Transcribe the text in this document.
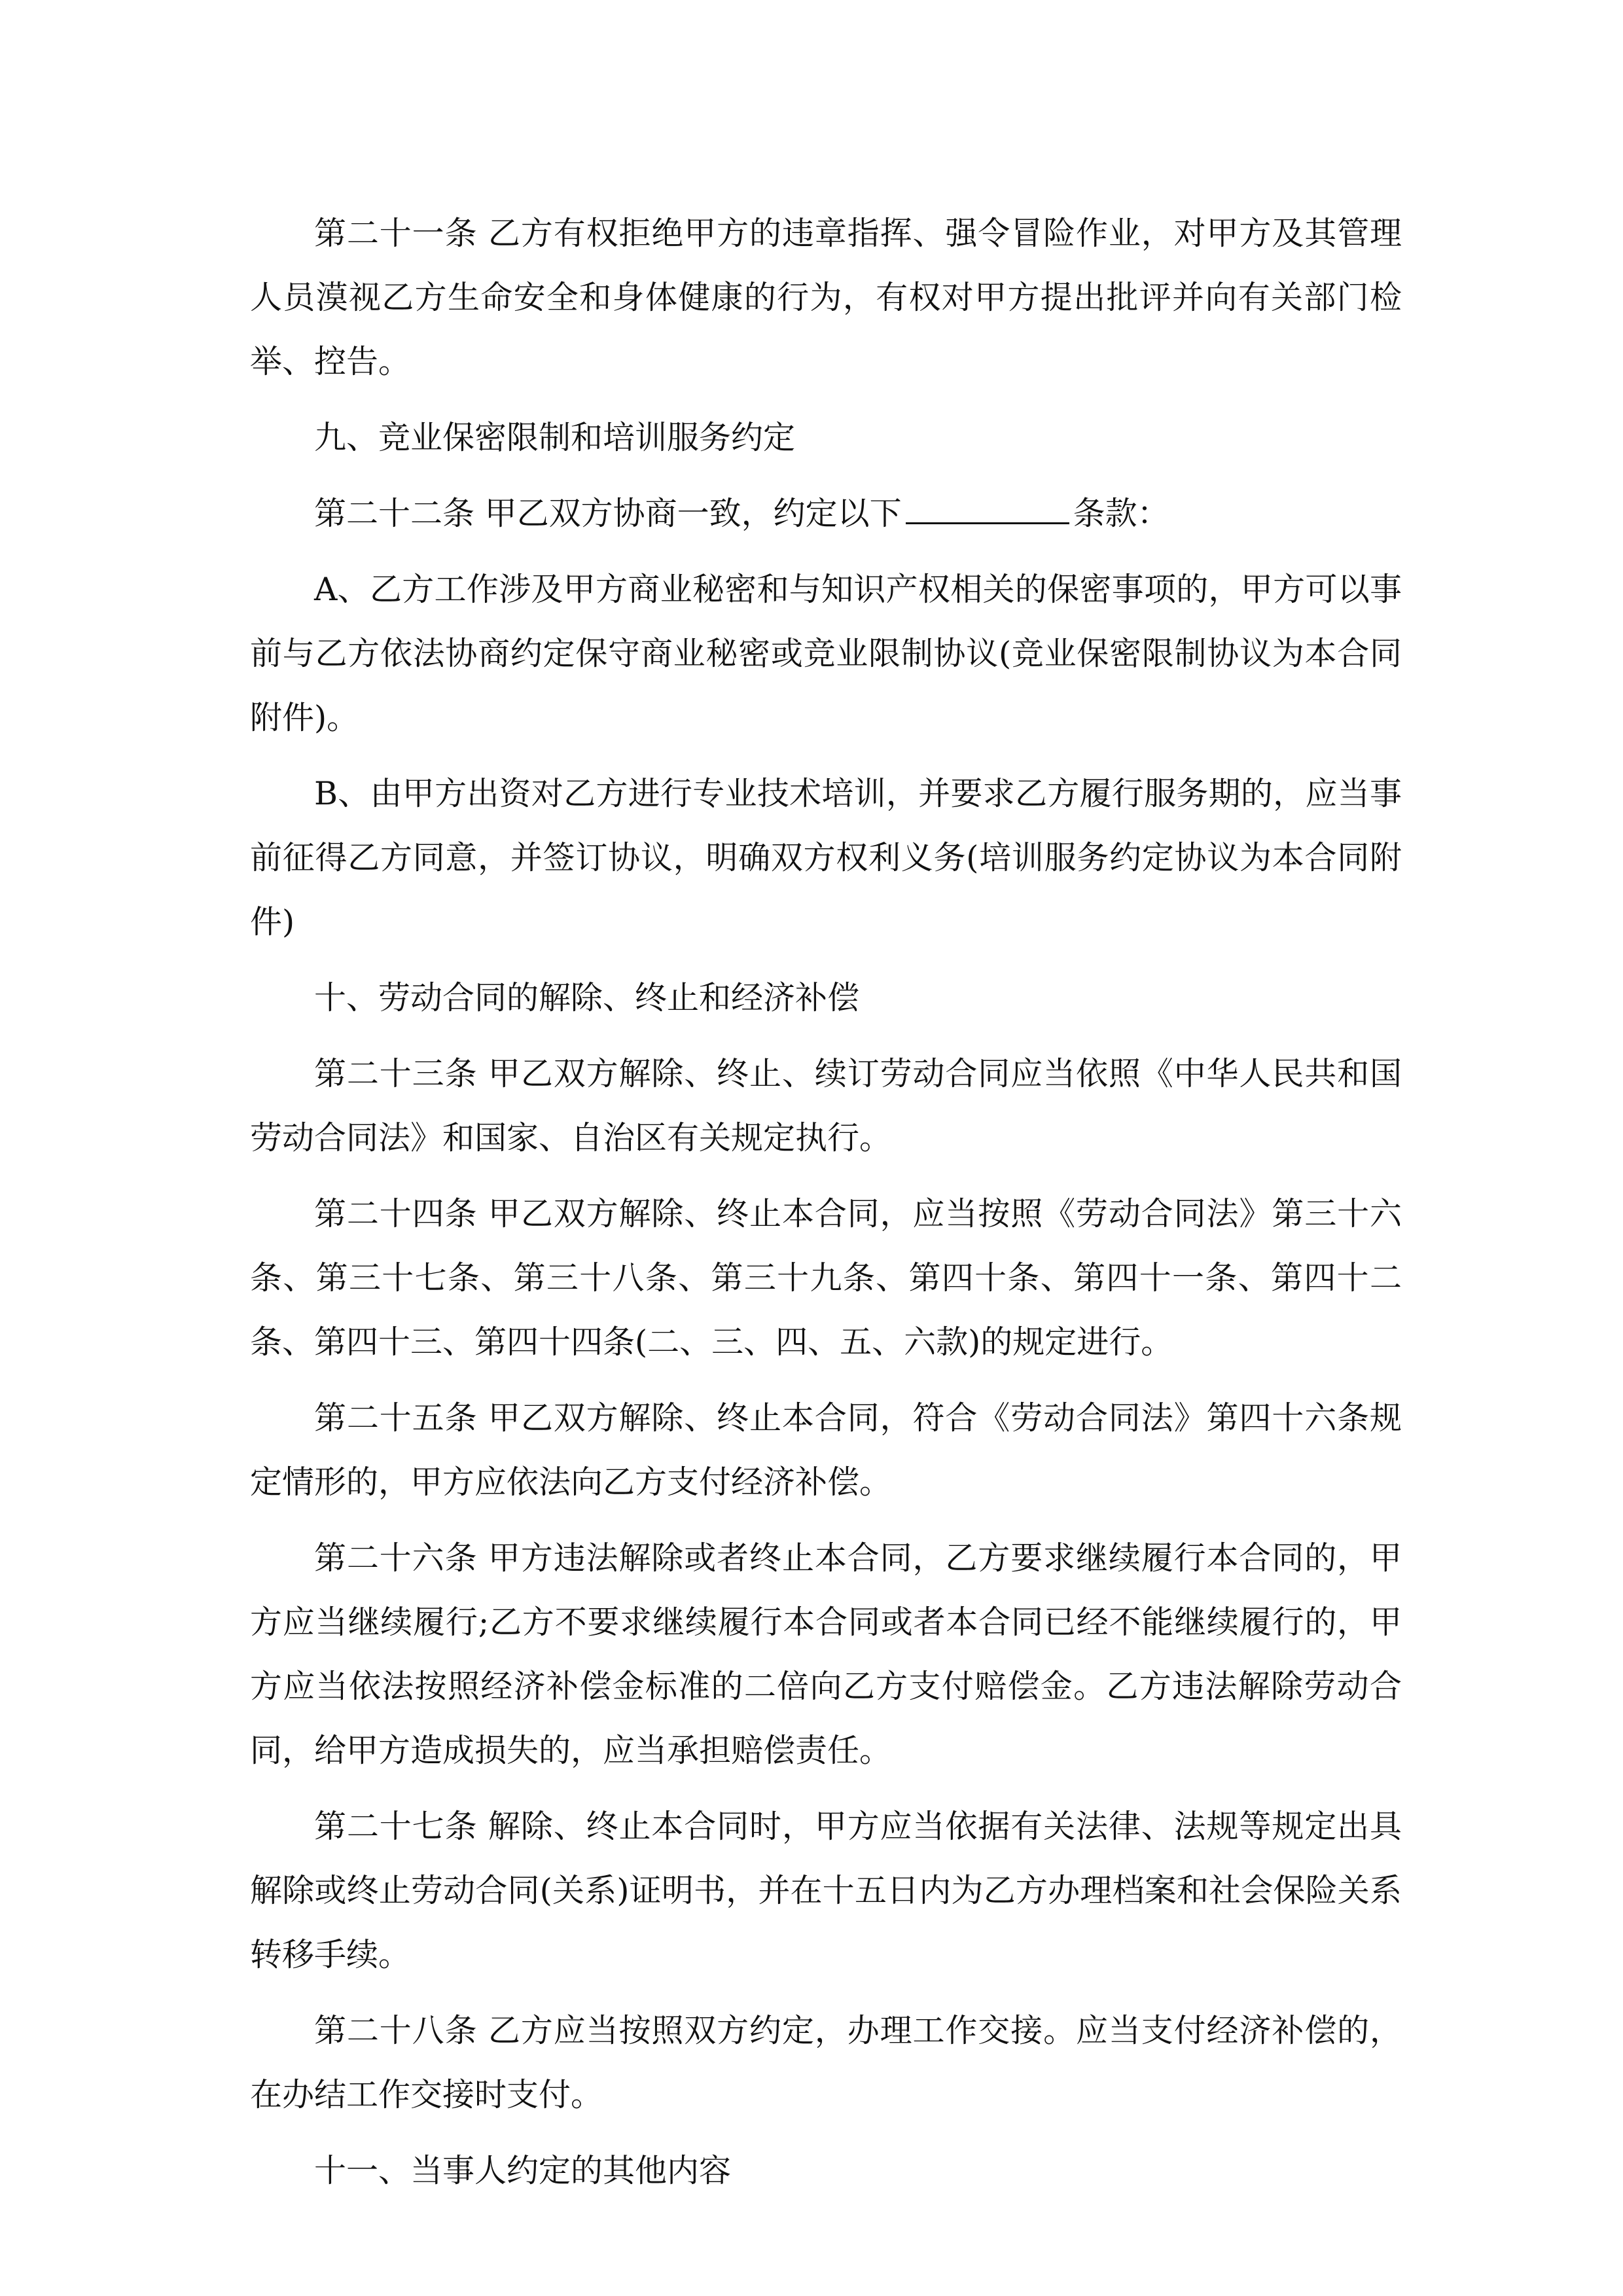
第二十一条 乙方有权拒绝甲方的违章指挥、强令冒险作业，对甲方及其管理人员漠视乙方生命安全和身体健康的行为，有权对甲方提出批评并向有关部门检举、控告。

九、竞业保密限制和培训服务约定

第二十二条 甲乙双方协商一致，约定以下	条款：

A、乙方工作涉及甲方商业秘密和与知识产权相关的保密事项的，甲方可以事前与乙方依法协商约定保守商业秘密或竞业限制协议(竞业保密限制协议为本合同附件)。

B、由甲方出资对乙方进行专业技术培训，并要求乙方履行服务期的，应当事前征得乙方同意，并签订协议，明确双方权利义务(培训服务约定协议为本合同附件)

十、劳动合同的解除、终止和经济补偿

第二十三条 甲乙双方解除、终止、续订劳动合同应当依照《中华人民共和国劳动合同法》和国家、自治区有关规定执行。

第二十四条 甲乙双方解除、终止本合同，应当按照《劳动合同法》第三十六条、第三十七条、第三十八条、第三十九条、第四十条、第四十一条、第四十二条、第四十三、第四十四条(二、三、四、五、六款)的规定进行。

第二十五条 甲乙双方解除、终止本合同，符合《劳动合同法》第四十六条规定情形的，甲方应依法向乙方支付经济补偿。

第二十六条 甲方违法解除或者终止本合同，乙方要求继续履行本合同的，甲方应当继续履行;乙方不要求继续履行本合同或者本合同已经不能继续履行的，甲方应当依法按照经济补偿金标准的二倍向乙方支付赔偿金。乙方违法解除劳动合同，给甲方造成损失的，应当承担赔偿责任。

第二十七条 解除、终止本合同时，甲方应当依据有关法律、法规等规定出具解除或终止劳动合同(关系)证明书，并在十五日内为乙方办理档案和社会保险关系转移手续。

第二十八条 乙方应当按照双方约定，办理工作交接。应当支付经济补偿的，在办结工作交接时支付。

十一、当事人约定的其他内容
